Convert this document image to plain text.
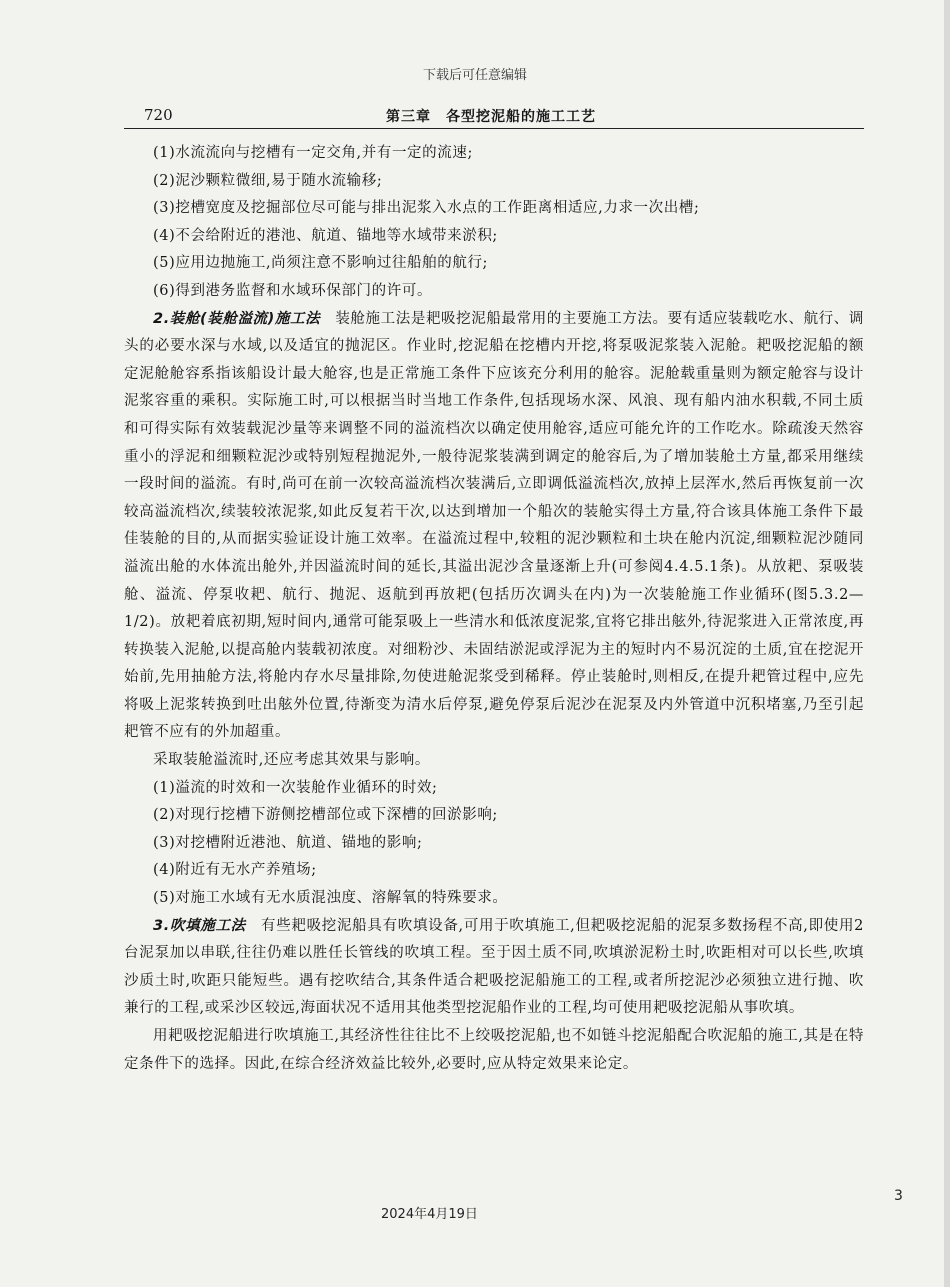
下载后可任意编辑
720	第三章　各型挖泥船的施工工艺

(1)水流流向与挖槽有一定交角,并有一定的流速;

(2)泥沙颗粒微细,易于随水流输移;

(3)挖槽宽度及挖掘部位尽可能与排出泥浆入水点的工作距离相适应,力求一次出槽;

(4)不会给附近的港池、航道、锚地等水域带来淤积;

(5)应用边抛施工,尚须注意不影响过往船舶的航行;

(6)得到港务监督和水域环保部门的许可。

2.装舱(装舱溢流)施工法　 装舱施工法是耙吸挖泥船最常用的主要施工方法。要有适应装载吃水、航行、调头的必要水深与水域,以及适宜的抛泥区。作业时,挖泥船在挖槽内开挖,将泵吸泥浆装入泥舱。耙吸挖泥船的额定泥舱舱容系指该船设计最大舱容,也是正常施工条件下应该充分利用的舱容。泥舱载重量则为额定舱容与设计泥浆容重的乘积。实际施工时,可以根据当时当地工作条件,包括现场水深、风浪、现有船内油水积载,不同土质和可得实际有效装载泥沙量等来调整不同的溢流档次以确定使用舱容,适应可能允许的工作吃水。除疏浚天然容重小的浮泥和细颗粒泥沙或特别短程抛泥外,一般待泥浆装满到调定的舱容后,为了增加装舱土方量,都采用继续一段时间的溢流。有时,尚可在前一次较高溢流档次装满后,立即调低溢流档次,放掉上层浑水,然后再恢复前一次较高溢流档次,续装较浓泥浆,如此反复若干次,以达到增加一个船次的装舱实得土方量,符合该具体施工条件下最佳装舱的目的,从而据实验证设计施工效率。在溢流过程中,较粗的泥沙颗粒和土块在舱内沉淀,细颗粒泥沙随同溢流出舱的水体流出舱外,并因溢流时间的延长,其溢出泥沙含量逐渐上升(可参阅4.4.5.1条)。从放耙、泵吸装舱、溢流、停泵收耙、航行、抛泥、返航到再放耙(包括历次调头在内)为一次装舱施工作业循环(图5.3.2—1/2)。放耙着底初期,短时间内,通常可能泵吸上一些清水和低浓度泥浆,宜将它排出舷外,待泥浆进入正常浓度,再转换装入泥舱,以提高舱内装载初浓度。对细粉沙、未固结淤泥或浮泥为主的短时内不易沉淀的土质,宜在挖泥开始前,先用抽舱方法,将舱内存水尽量排除,勿使进舱泥浆受到稀释。停止装舱时,则相反,在提升耙管过程中,应先将吸上泥浆转换到吐出舷外位置,待渐变为清水后停泵,避免停泵后泥沙在泥泵及内外管道中沉积堵塞,乃至引起耙管不应有的外加超重。

采取装舱溢流时,还应考虑其效果与影响。

(1)溢流的时效和一次装舱作业循环的时效;

(2)对现行挖槽下游侧挖槽部位或下深槽的回淤影响;

(3)对挖槽附近港池、航道、锚地的影响;

(4)附近有无水产养殖场;

(5)对施工水域有无水质混浊度、溶解氧的特殊要求。

3.吹填施工法　 有些耙吸挖泥船具有吹填设备,可用于吹填施工,但耙吸挖泥船的泥泵多数扬程不高,即使用2台泥泵加以串联,往往仍难以胜任长管线的吹填工程。至于因土质不同,吹填淤泥粉土时,吹距相对可以长些,吹填沙质土时,吹距只能短些。遇有挖吹结合,其条件适合耙吸挖泥船施工的工程,或者所挖泥沙必须独立进行抛、吹兼行的工程,或采沙区较远,海面状况不适用其他类型挖泥船作业的工程,均可使用耙吸挖泥船从事吹填。

用耙吸挖泥船进行吹填施工,其经济性往往比不上绞吸挖泥船,也不如链斗挖泥船配合吹泥船的施工,其是在特定条件下的选择。因此,在综合经济效益比较外,必要时,应从特定效果来论定。

2024年4月19日
3
